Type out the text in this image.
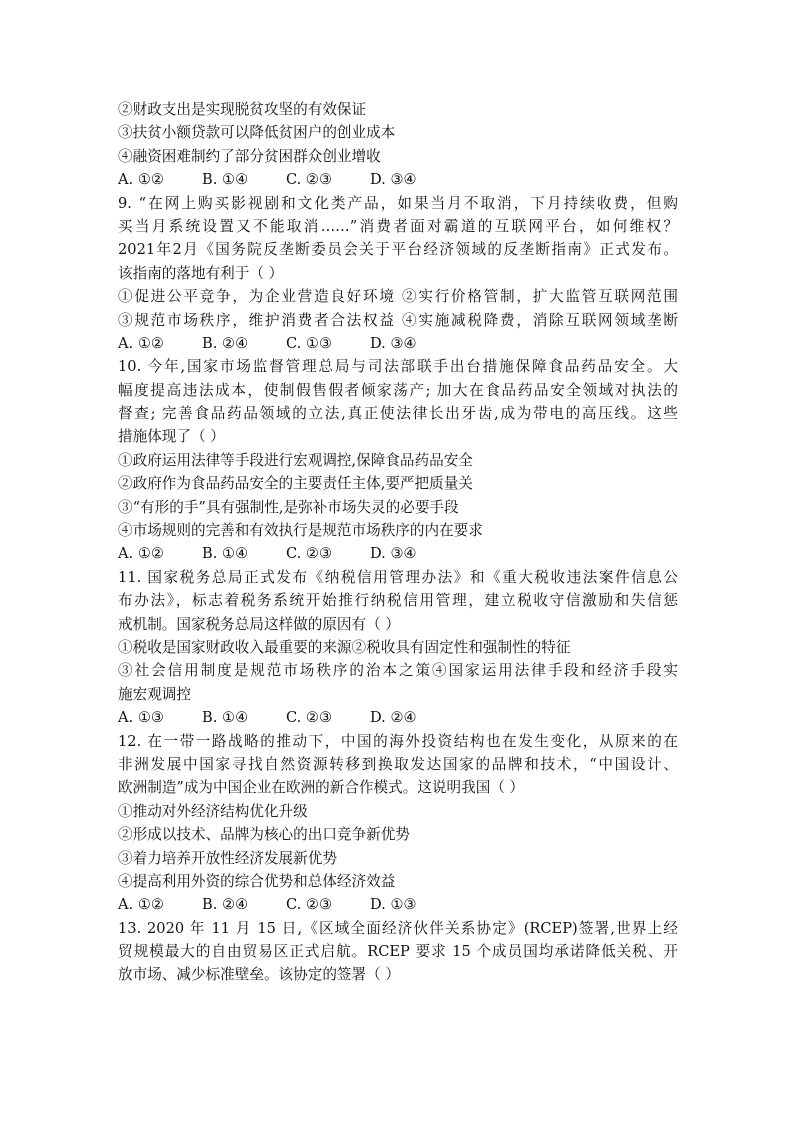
②财政支出是实现脱贫攻坚的有效保证
③扶贫小额贷款可以降低贫困户的创业成本
④融资困难制约了部分贫困群众创业增收
A. ①②	B. ①④	C. ②③	D. ③④
9. “在网上购买影视剧和文化类产品，如果当月不取消，下月持续收费，但购
买当月系统设置又不能取消……”消费者面对霸道的互联网平台，如何维权？
2021年2月《国务院反垄断委员会关于平台经济领域的反垄断指南》正式发布。
该指南的落地有利于（ ）
①促进公平竞争，为企业营造良好环境 ②实行价格管制，扩大监管互联网范围
③规范市场秩序，维护消费者合法权益 ④实施减税降费，消除互联网领域垄断
A. ①②	B. ②④	C. ①③	D. ③④
10. 今年,国家市场监督管理总局与司法部联手出台措施保障食品药品安全。大
幅度提高违法成本，使制假售假者倾家荡产; 加大在食品药品安全领域对执法的
督查; 完善食品药品领域的立法,真正使法律长出牙齿,成为带电的高压线。这些
措施体现了（ ）
①政府运用法律等手段进行宏观调控,保障食品药品安全
②政府作为食品药品安全的主要责任主体,要严把质量关
③“有形的手”具有强制性,是弥补市场失灵的必要手段
④市场规则的完善和有效执行是规范市场秩序的内在要求
A. ①②	B. ①④	C. ②③	D. ③④
11. 国家税务总局正式发布《纳税信用管理办法》和《重大税收违法案件信息公
布办法》，标志着税务系统开始推行纳税信用管理，建立税收守信激励和失信惩
戒机制。国家税务总局这样做的原因有（ ）
①税收是国家财政收入最重要的来源②税收具有固定性和强制性的特征
③社会信用制度是规范市场秩序的治本之策④国家运用法律手段和经济手段实
施宏观调控
A. ①③	B. ①④	C. ②③	D. ②④
12. 在一带一路战略的推动下，中国的海外投资结构也在发生变化，从原来的在
非洲发展中国家寻找自然资源转移到换取发达国家的品牌和技术，“中国设计、
欧洲制造”成为中国企业在欧洲的新合作模式。这说明我国（ ）
①推动对外经济结构优化升级
②形成以技术、品牌为核心的出口竞争新优势
③着力培养开放性经济发展新优势
④提高利用外资的综合优势和总体经济效益
A. ①②	B. ②④	C. ②③	D. ①③
13. 2020 年 11 月 15 日,《区域全面经济伙伴关系协定》(RCEP)签署,世界上经
贸规模最大的自由贸易区正式启航。RCEP 要求 15 个成员国均承诺降低关税、开
放市场、减少标准壁垒。该协定的签署（ ）
